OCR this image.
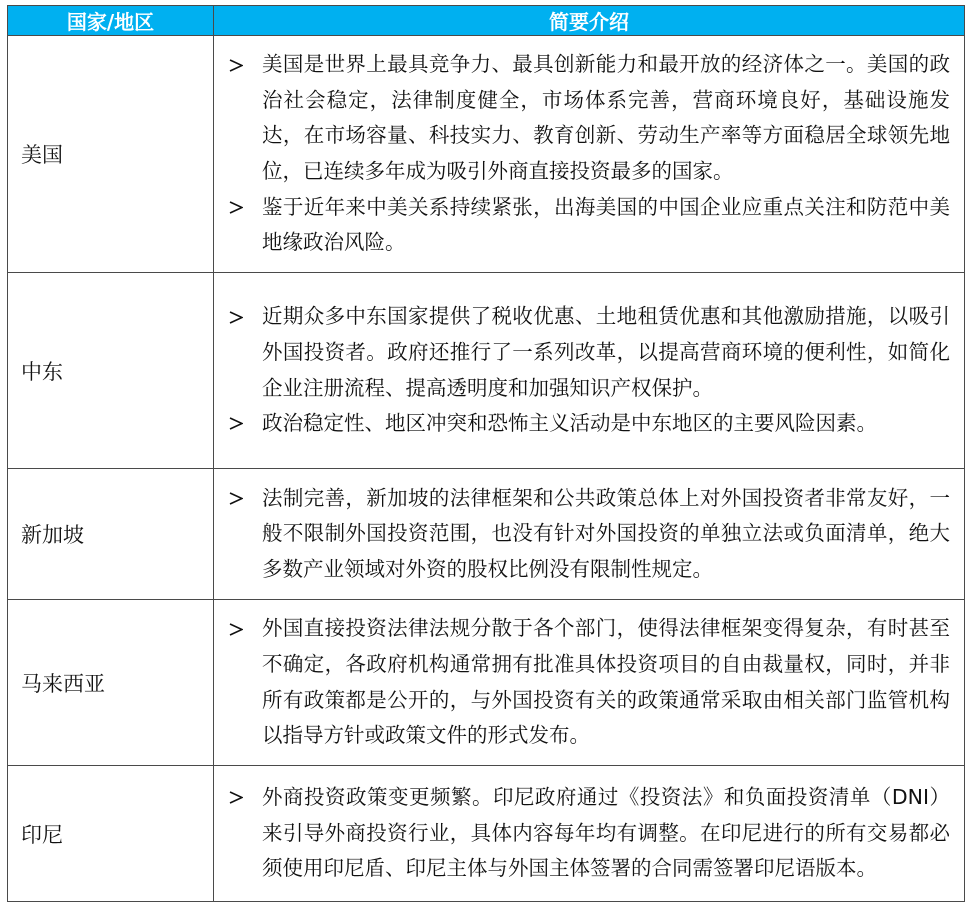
国家/地区	简要介绍
美国	美国是世界上最具竞争力、最具创新能力和最开放的经济体之一。美国的政治社会稳定，法律制度健全，市场体系完善，营商环境良好，基础设施发达，在市场容量、科技实力、教育创新、劳动生产率等方面稳居全球领先地位，已连续多年成为吸引外商直接投资最多的国家。
鉴于近年来中美关系持续紧张，出海美国的中国企业应重点关注和防范中美地缘政治风险。

中东	近期众多中东国家提供了税收优惠、土地租赁优惠和其他激励措施，以吸引外国投资者。政府还推行了一系列改革，以提高营商环境的便利性，如简化企业注册流程、提高透明度和加强知识产权保护。
政治稳定性、地区冲突和恐怖主义活动是中东地区的主要风险因素。

新加坡	法制完善，新加坡的法律框架和公共政策总体上对外国投资者非常友好，一般不限制外国投资范围，也没有针对外国投资的单独立法或负面清单，绝大多数产业领域对外资的股权比例没有限制性规定。

马来西亚	外国直接投资法律法规分散于各个部门，使得法律框架变得复杂，有时甚至不确定，各政府机构通常拥有批准具体投资项目的自由裁量权，同时，并非所有政策都是公开的，与外国投资有关的政策通常采取由相关部门监管机构以指导方针或政策文件的形式发布。

印尼	外商投资政策变更频繁。印尼政府通过《投资法》和负面投资清单（DNI）来引导外商投资行业，具体内容每年均有调整。在印尼进行的所有交易都必须使用印尼盾、印尼主体与外国主体签署的合同需签署印尼语版本。
